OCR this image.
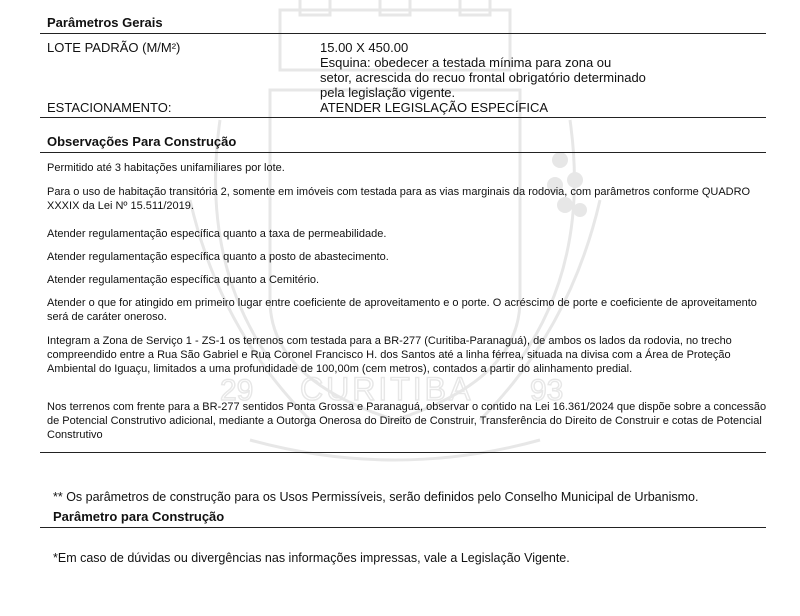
29 CURITIBA 93
Parâmetros Gerais
LOTE PADRÃO (M/M²)	15.00 X 450.00
Esquina: obedecer a testada mínima para zona ou
setor, acrescida do recuo frontal obrigatório determinado
pela legislação vigente.
ESTACIONAMENTO:	ATENDER LEGISLAÇÃO ESPECÍFICA
Observações Para Construção
Permitido até 3 habitações unifamiliares por lote.
Para o uso de habitação transitória 2, somente em imóveis com testada para as vias marginais da rodovia, com parâmetros conforme QUADRO XXXIX da Lei Nº 15.511/2019.
Atender regulamentação específica quanto a taxa de permeabilidade.
Atender regulamentação específica quanto a posto de abastecimento.
Atender regulamentação específica quanto a Cemitério.
Atender o que for atingido em primeiro lugar entre coeficiente de aproveitamento e o porte. O acréscimo de porte e coeficiente de aproveitamento será de caráter oneroso.
Integram a Zona de Serviço 1 - ZS-1 os terrenos com testada para a BR-277 (Curitiba-Paranaguá), de ambos os lados da rodovia, no trecho compreendido entre a Rua São Gabriel e Rua Coronel Francisco H. dos Santos até a linha férrea, situada na divisa com a Área de Proteção Ambiental do Iguaçu, limitados a uma profundidade de 100,00m (cem metros), contados a partir do alinhamento predial.
Nos terrenos com frente para a BR-277 sentidos Ponta Grossa e Paranaguá, observar o contido na Lei 16.361/2024 que dispõe sobre a concessão de Potencial Construtivo adicional, mediante a Outorga Onerosa do Direito de Construir, Transferência do Direito de Construir e cotas de Potencial Construtivo
** Os parâmetros de construção para os Usos Permissíveis, serão definidos pelo Conselho Municipal de Urbanismo.
Parâmetro para Construção
*Em caso de dúvidas ou divergências nas informações impressas, vale a Legislação Vigente.
